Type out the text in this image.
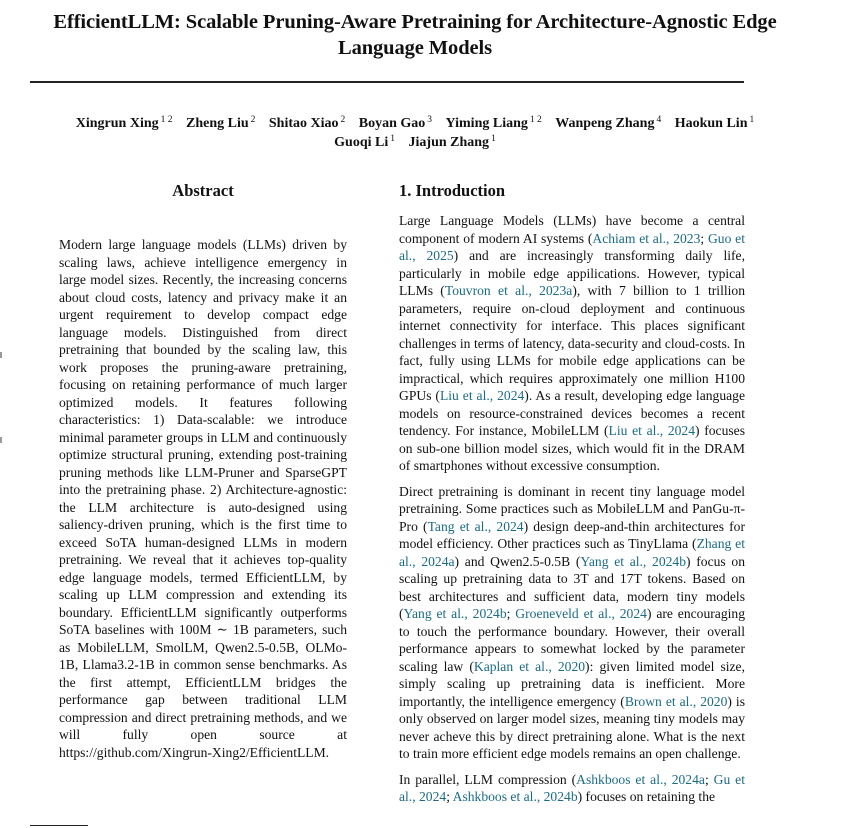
EfficientLLM: Scalable Pruning-Aware Pretraining for Architecture-Agnostic Edge Language Models
Xingrun Xing $^{1 2}$ Zheng Liu $^2$ Shitao Xiao $^2$ Boyan Gao $^3$ Yiming Liang $^{1 2}$ Wanpeng Zhang $^4$ Haokun Lin $^1$
Guoqi Li $^1$ Jiajun Zhang $^1$
Abstract

Modern large language models (LLMs) driven by scaling laws, achieve intelligence emergency in large model sizes. Recently, the increasing concerns about cloud costs, latency and privacy make it an urgent requirement to develop compact edge language models. Distinguished from direct pretraining that bounded by the scaling law, this work proposes the pruning-aware pretraining, focusing on retaining performance of much larger optimized models. It features following characteristics: 1) Data-scalable: we introduce minimal parameter groups in LLM and continuously optimize structural pruning, extending post-training pruning methods like LLM-Pruner and SparseGPT into the pretraining phase. 2) Architecture-agnostic: the LLM architecture is auto-designed using saliency-driven pruning, which is the first time to exceed SoTA human-designed LLMs in modern pretraining. We reveal that it achieves top-quality edge language models, termed EfficientLLM, by scaling up LLM compression and extending its boundary. EfficientLLM significantly outperforms SoTA baselines with 100M ∼ 1B parameters, such as MobileLLM, SmolLM, Qwen2.5-0.5B, OLMo-1B, Llama3.2-1B in common sense benchmarks. As the first attempt, EfficientLLM bridges the performance gap between traditional LLM compression and direct pretraining methods, and we will fully open source at https://github.com/Xingrun-Xing2/EfficientLLM.

1. Introduction

Large Language Models (LLMs) have become a central component of modern AI systems (Achiam et al., 2023; Guo et al., 2025) and are increasingly transforming daily life, particularly in mobile edge appilications. However, typical LLMs (Touvron et al., 2023a), with 7 billion to 1 trillion parameters, require on-cloud deployment and continuous internet connectivity for interface. This places significant challenges in terms of latency, data-security and cloud-costs. In fact, fully using LLMs for mobile edge applications can be impractical, which requires approximately one million H100 GPUs (Liu et al., 2024). As a result, developing edge language models on resource-constrained devices becomes a recent tendency. For instance, MobileLLM (Liu et al., 2024) focuses on sub-one billion model sizes, which would fit in the DRAM of smartphones without excessive consumption.

Direct pretraining is dominant in recent tiny language model pretraining. Some practices such as MobileLLM and PanGu-π-Pro (Tang et al., 2024) design deep-and-thin architectures for model efficiency. Other practices such as TinyLlama (Zhang et al., 2024a) and Qwen2.5-0.5B (Yang et al., 2024b) focus on scaling up pretraining data to 3T and 17T tokens. Based on best architectures and sufficient data, modern tiny models (Yang et al., 2024b; Groeneveld et al., 2024) are encouraging to touch the performance boundary. However, their overall performance appears to somewhat locked by the parameter scaling law (Kaplan et al., 2020): given limited model size, simply scaling up pretraining data is inefficient. More importantly, the intelligence emergency (Brown et al., 2020) is only observed on larger model sizes, meaning tiny models may never acheve this by direct pretraining alone. What is the next to train more efficient edge models remains an open challenge.

In parallel, LLM compression (Ashkboos et al., 2024a; Gu et al., 2024; Ashkboos et al., 2024b) focuses on retaining the
